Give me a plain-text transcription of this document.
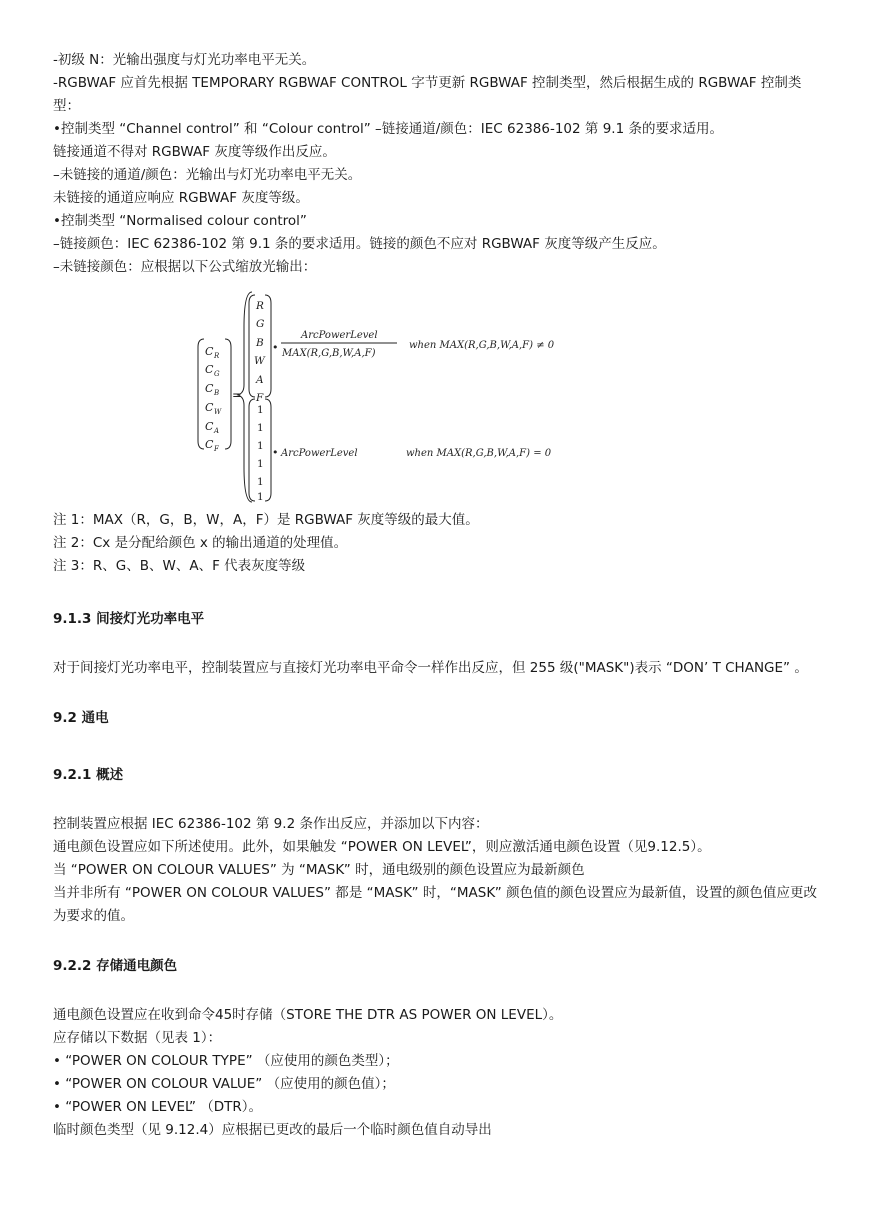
-初级 N：光输出强度与灯光功率电平无关。

-RGBWAF 应首先根据 TEMPORARY RGBWAF CONTROL 字节更新 RGBWAF 控制类型，然后根据生成的 RGBWAF 控制类型：

•控制类型 “Channel control” 和 “Colour control” –链接通道/颜色：IEC 62386-102 第 9.1 条的要求适用。

链接通道不得对 RGBWAF 灰度等级作出反应。

–未链接的通道/颜色：光输出与灯光功率电平无关。

未链接的通道应响应 RGBWAF 灰度等级。

•控制类型 “Normalised colour control”

–链接颜色：IEC 62386-102 第 9.1 条的要求适用。链接的颜色不应对 RGBWAF 灰度等级产生反应。

–未链接颜色：应根据以下公式缩放光输出：

C
C
C
C
C
C
R
G
B
W
A
F
=
R
G
B
W
A
F
1
1
1
1
1
1
•
•
ArcPowerLevel
MAX(R,G,B,W,A,F)
ArcPowerLevel
when MAX(R,G,B,W,A,F) ≠ 0
when MAX(R,G,B,W,A,F) = 0

注 1：MAX（R，G，B，W，A，F）是 RGBWAF 灰度等级的最大值。

注 2：Cx 是分配给颜色 x 的输出通道的处理值。

注 3：R、G、B、W、A、F 代表灰度等级

9.1.3 间接灯光功率电平

对于间接灯光功率电平，控制装置应与直接灯光功率电平命令一样作出反应，但 255 级("MASK")表示 “DON’ T CHANGE” 。

9.2 通电
9.2.1 概述

控制装置应根据 IEC 62386-102 第 9.2 条作出反应，并添加以下内容：

通电颜色设置应如下所述使用。此外，如果触发 “POWER ON LEVEL”，则应激活通电颜色设置（见9.12.5）。

当 “POWER ON COLOUR VALUES” 为 “MASK” 时，通电级别的颜色设置应为最新颜色

当并非所有 “POWER ON COLOUR VALUES” 都是 “MASK” 时，“MASK” 颜色值的颜色设置应为最新值，设置的颜色值应更改为要求的值。

9.2.2 存储通电颜色

通电颜色设置应在收到命令45时存储（STORE THE DTR AS POWER ON LEVEL）。

应存储以下数据（见表 1）：

• “POWER ON COLOUR TYPE” （应使用的颜色类型）；

• “POWER ON COLOUR VALUE” （应使用的颜色值）；

• “POWER ON LEVEL” （DTR）。

临时颜色类型（见 9.12.4）应根据已更改的最后一个临时颜色值自动导出
